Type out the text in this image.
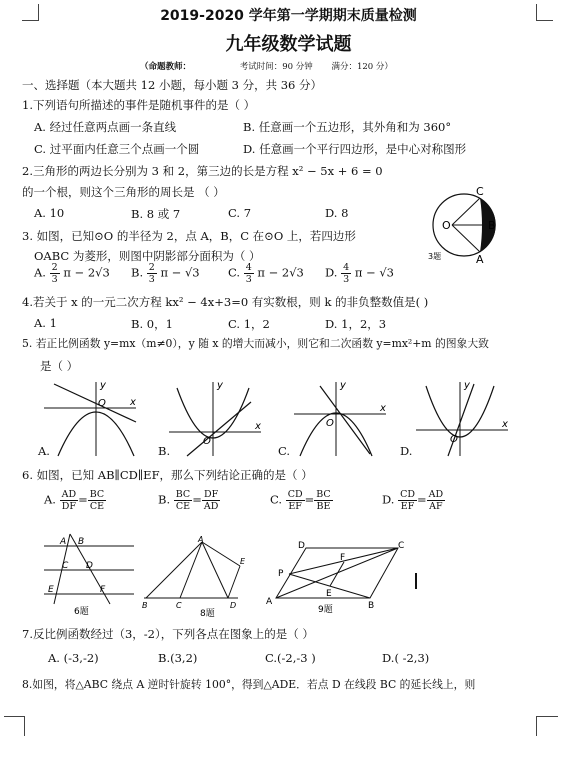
2019-2020 学年第一学期期末质量检测
九年级数学试题
（命题教师：	考试时间：90 分钟 满分：120 分）
一、选择题（本大题共 12 小题，每小题 3 分，共 36 分）
1.下列语句所描述的事件是随机事件的是（ ）
A. 经过任意两点画一条直线	B. 任意画一个五边形，其外角和为 360°
C. 过平面内任意三个点画一个圆	D. 任意画一个平行四边形，是中心对称图形
2.三角形的两边长分别为 3 和 2，第三边的长是方程 x² − 5x + 6 = 0
的一个根，则这个三角形的周长是 （ ）
A. 10	B. 8 或 7	C. 7	D. 8
C
O	B
A
3题
3. 如图，已知⊙O 的半径为 2，点 A，B，C 在⊙O 上，若四边形
OABC 为菱形，则图中阴影部分面积为（ ）
A. $\frac{2}{3}$ π − 2√3 B. $\frac{2}{3}$ π − √3 C. $\frac{4}{3}$ π − 2√3 D. $\frac{4}{3}$ π − √3
4.若关于 x 的一元二次方程 kx² − 4x+3=0 有实数根，则 k 的非负整数值是( )
A. 1	B. 0，1	C. 1，2	D. 1，2，3
5. 若正比例函数 y=mx（m≠0），y 随 x 的增大而减小，则它和二次函数 y=mx²+m 的图象大致
是（ ）
y
x
O
A.
y
x
O
B.
y
x
O
C.
y
x
O
D.
6. 如图，已知 AB∥CD∥EF，那么下列结论正确的是（ ）
A. $\frac{AD}{DF} = \frac{BC}{CE}$	B. $\frac{BC}{CE} = \frac{DF}{AD}$	C. $\frac{CD}{EF} = \frac{BC}{BE}$	D. $\frac{CD}{EF} = \frac{AD}{AF}$
A B
C D
E	F
6题
A
D
E
B	C
8题
D
F
C
P
E
A	B
9题
7.反比例函数经过（3，-2），下列各点在图象上的是（ ）
A. (-3,-2)	B.(3,2)	C.(-2,-3 )	D.( -2,3)
8.如图，将△ABC 绕点 A 逆时针旋转 100°，得到△ADE．若点 D 在线段 BC 的延长线上，则
